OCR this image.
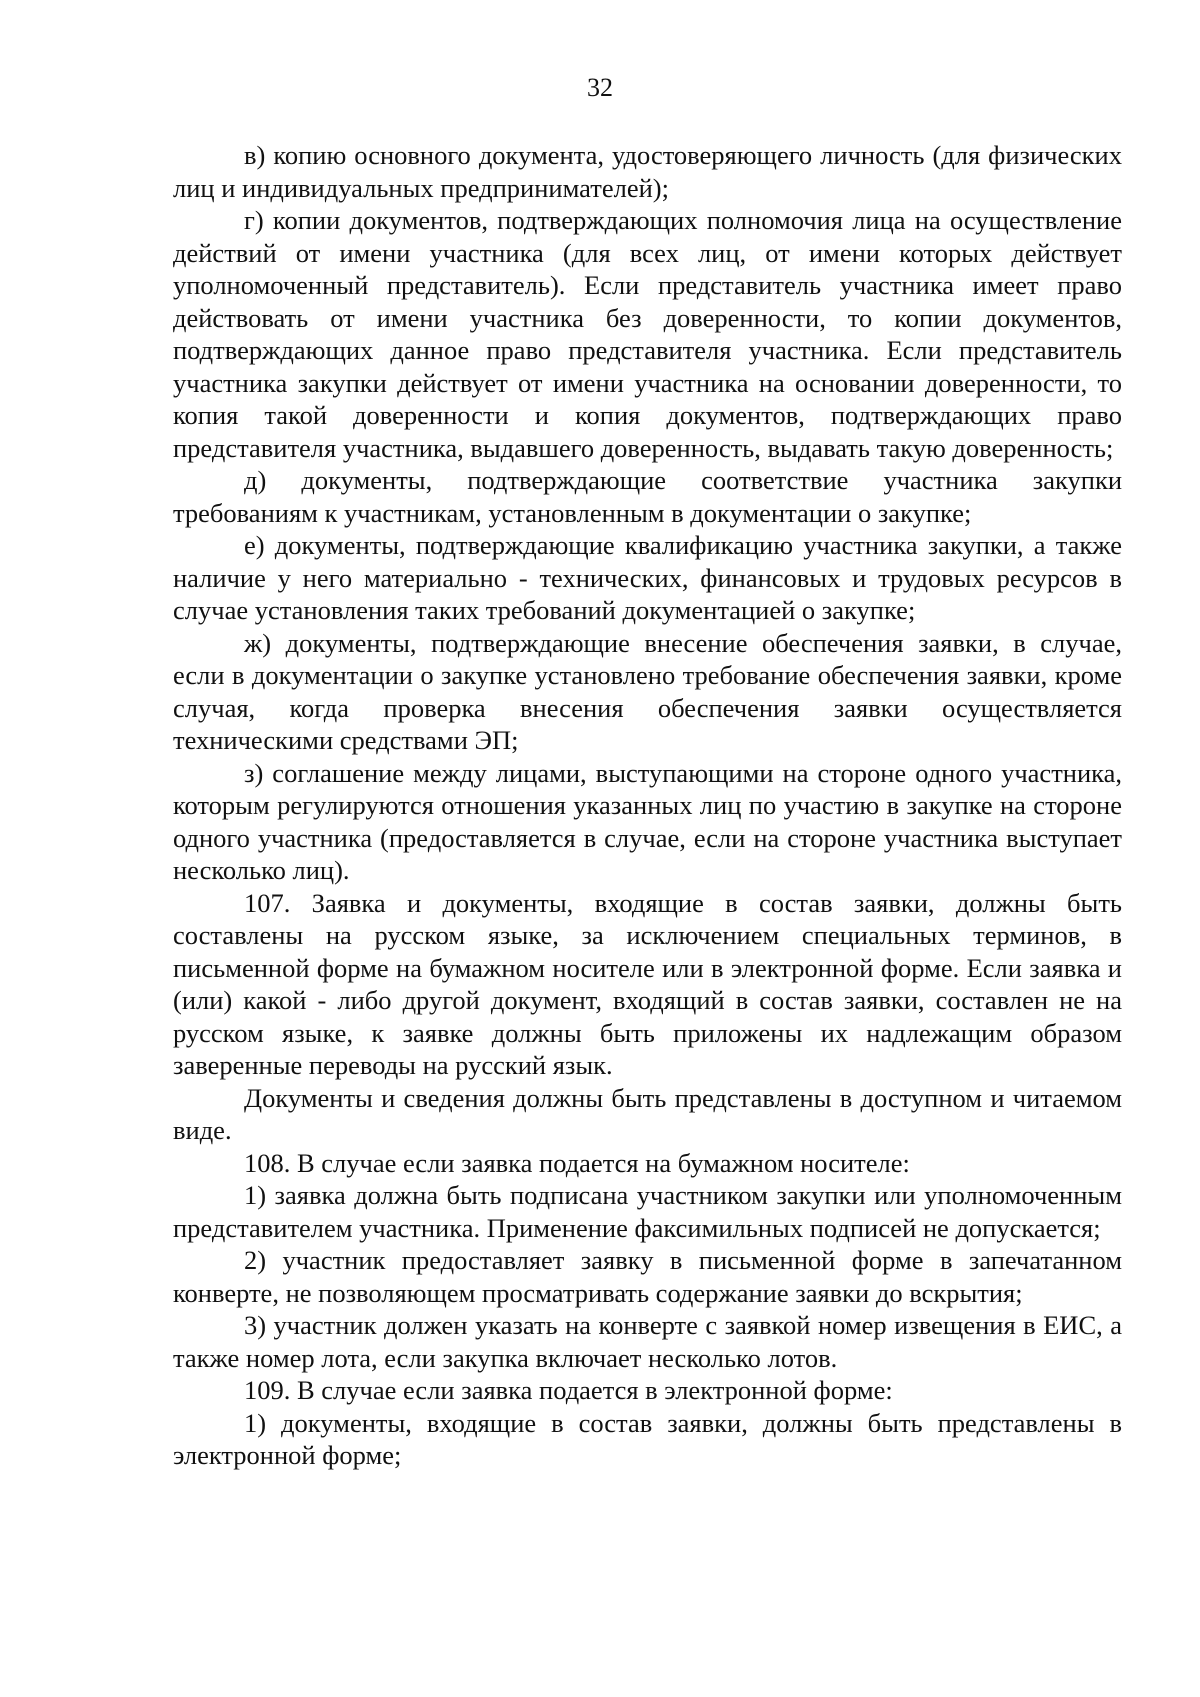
32

в) копию основного документа, удостоверяющего личность (для физических лиц и индивидуальных предпринимателей);

г) копии документов, подтверждающих полномочия лица на осуществление действий от имени участника (для всех лиц, от имени которых действует уполномоченный представитель). Если представитель участника имеет право действовать от имени участника без доверенности, то копии документов, подтверждающих данное право представителя участника. Если представитель участника закупки действует от имени участника на основании доверенности, то копия такой доверенности и копия документов, подтверждающих право представителя участника, выдавшего доверенность, выдавать такую доверенность;

д) документы, подтверждающие соответствие участника закупки требованиям к участникам, установленным в документации о закупке;

е) документы, подтверждающие квалификацию участника закупки, а также наличие у него материально - технических, финансовых и трудовых ресурсов в случае установления таких требований документацией о закупке;

ж) документы, подтверждающие внесение обеспечения заявки, в случае, если в документации о закупке установлено требование обеспечения заявки, кроме случая, когда проверка внесения обеспечения заявки осуществляется техническими средствами ЭП;

з) соглашение между лицами, выступающими на стороне одного участника, которым регулируются отношения указанных лиц по участию в закупке на стороне одного участника (предоставляется в случае, если на стороне участника выступает несколько лиц).

107. Заявка и документы, входящие в состав заявки, должны быть составлены на русском языке, за исключением специальных терминов, в письменной форме на бумажном носителе или в электронной форме. Если заявка и (или) какой - либо другой документ, входящий в состав заявки, составлен не на русском языке, к заявке должны быть приложены их надлежащим образом заверенные переводы на русский язык.

Документы и сведения должны быть представлены в доступном и читаемом виде.

108. В случае если заявка подается на бумажном носителе:

1) заявка должна быть подписана участником закупки или уполномоченным представителем участника. Применение факсимильных подписей не допускается;

2) участник предоставляет заявку в письменной форме в запечатанном конверте, не позволяющем просматривать содержание заявки до вскрытия;

3) участник должен указать на конверте с заявкой номер извещения в ЕИС, а также номер лота, если закупка включает несколько лотов.

109. В случае если заявка подается в электронной форме:

1) документы, входящие в состав заявки, должны быть представлены в электронной форме;
